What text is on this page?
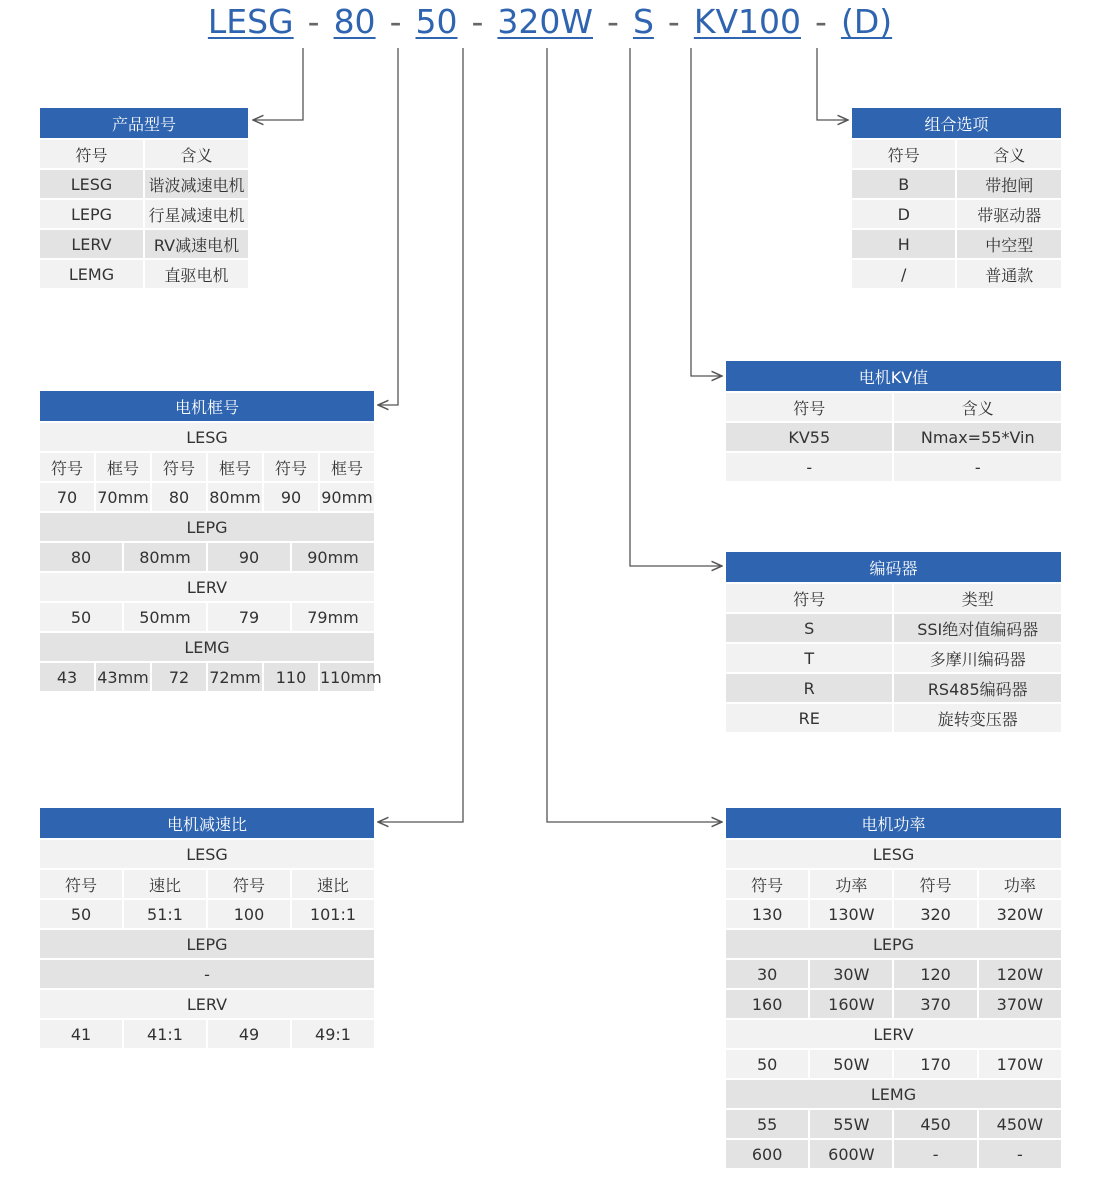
LESG - 80 - 50 - 320W - S - KV100 - (D)
产品型号	
符号	含义
LESG	谐波减速电机
LEPG	行星减速电机
LERV	RV减速电机
LEMG	直驱电机
电机框号							
LESG							
符号	框号		符号	框号	符号		框号
70	70mm		80	80mm	90		90mm
LEPG							
80		80mm		90		90mm	
LERV							
50		50mm		79		79mm	
LEMG							
43	43mm		72	72mm	110		110mm
电机减速比			
LESG			
符号	速比	符号	速比
50	51:1	100	101:1
LEPG			
-			
LERV			
41	41:1	49	49:1
组合选项	
符号	含义
B	带抱闸
D	带驱动器
H	中空型
/	普通款
电机KV值	
符号	含义
KV55	Nmax=55*Vin
-	-
编码器	
符号	类型
S	SSI绝对值编码器
T	多摩川编码器
R	RS485编码器
RE	旋转变压器
电机功率			
LESG			
符号	功率	符号	功率
130	130W	320	320W
LEPG			
30	30W	120	120W
160	160W	370	370W
LERV			
50	50W	170	170W
LEMG			
55	55W	450	450W
600	600W	-	-
